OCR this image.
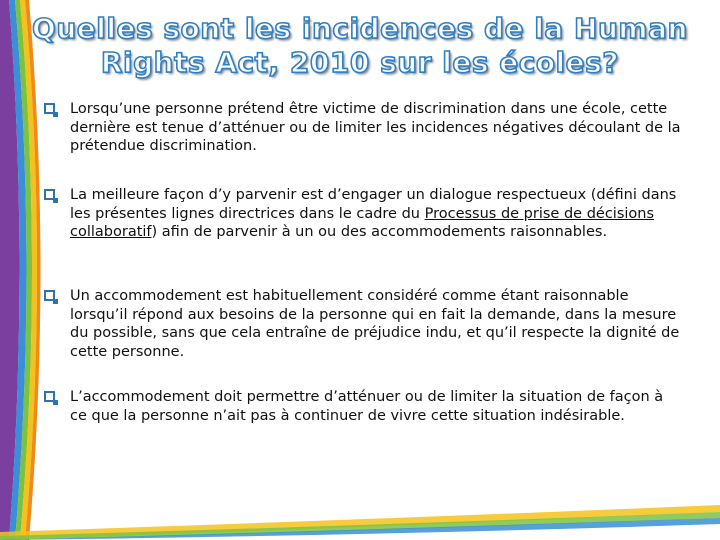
Quelles sont les incidences de la Human Rights Act, 2010 sur les écoles?
Lorsqu’une personne prétend être victime de discrimination dans une école, cette dernière est tenue d’atténuer ou de limiter les incidences négatives découlant de la prétendue discrimination.
La meilleure façon d’y parvenir est d’engager un dialogue respectueux (défini dans les présentes lignes directrices dans le cadre du Processus de prise de décisions collaboratif) afin de parvenir à un ou des accommodements raisonnables.
Un accommodement est habituellement considéré comme étant raisonnable lorsqu’il répond aux besoins de la personne qui en fait la demande, dans la mesure du possible, sans que cela entraîne de préjudice indu, et qu’il respecte la dignité de cette personne.
L’accommodement doit permettre d’atténuer ou de limiter la situation de façon à ce que la personne n’ait pas à continuer de vivre cette situation indésirable.
